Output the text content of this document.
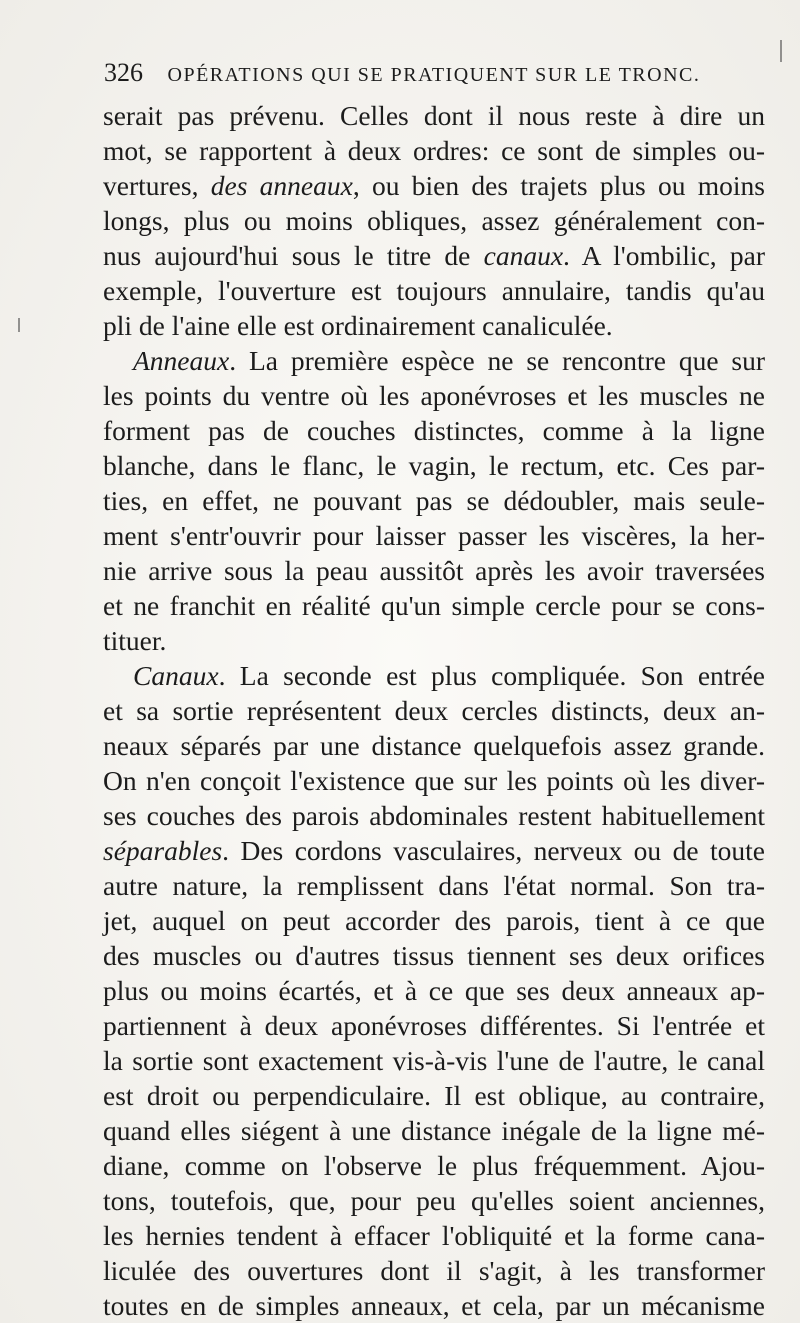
326 OPÉRATIONS QUI SE PRATIQUENT SUR LE TRONC.
serait pas prévenu. Celles dont il nous reste à dire un
mot, se rapportent à deux ordres: ce sont de simples ou-
vertures, des anneaux, ou bien des trajets plus ou moins
longs, plus ou moins obliques, assez généralement con-
nus aujourd'hui sous le titre de canaux. A l'ombilic, par
exemple, l'ouverture est toujours annulaire, tandis qu'au
pli de l'aine elle est ordinairement canaliculée.
Anneaux. La première espèce ne se rencontre que sur
les points du ventre où les aponévroses et les muscles ne
forment pas de couches distinctes, comme à la ligne
blanche, dans le flanc, le vagin, le rectum, etc. Ces par-
ties, en effet, ne pouvant pas se dédoubler, mais seule-
ment s'entr'ouvrir pour laisser passer les viscères, la her-
nie arrive sous la peau aussitôt après les avoir traversées
et ne franchit en réalité qu'un simple cercle pour se cons-
tituer.
Canaux. La seconde est plus compliquée. Son entrée
et sa sortie représentent deux cercles distincts, deux an-
neaux séparés par une distance quelquefois assez grande.
On n'en conçoit l'existence que sur les points où les diver-
ses couches des parois abdominales restent habituellement
séparables. Des cordons vasculaires, nerveux ou de toute
autre nature, la remplissent dans l'état normal. Son tra-
jet, auquel on peut accorder des parois, tient à ce que
des muscles ou d'autres tissus tiennent ses deux orifices
plus ou moins écartés, et à ce que ses deux anneaux ap-
partiennent à deux aponévroses différentes. Si l'entrée et
la sortie sont exactement vis-à-vis l'une de l'autre, le canal
est droit ou perpendiculaire. Il est oblique, au contraire,
quand elles siégent à une distance inégale de la ligne mé-
diane, comme on l'observe le plus fréquemment. Ajou-
tons, toutefois, que, pour peu qu'elles soient anciennes,
les hernies tendent à effacer l'obliquité et la forme cana-
liculée des ouvertures dont il s'agit, à les transformer
toutes en de simples anneaux, et cela, par un mécanisme
